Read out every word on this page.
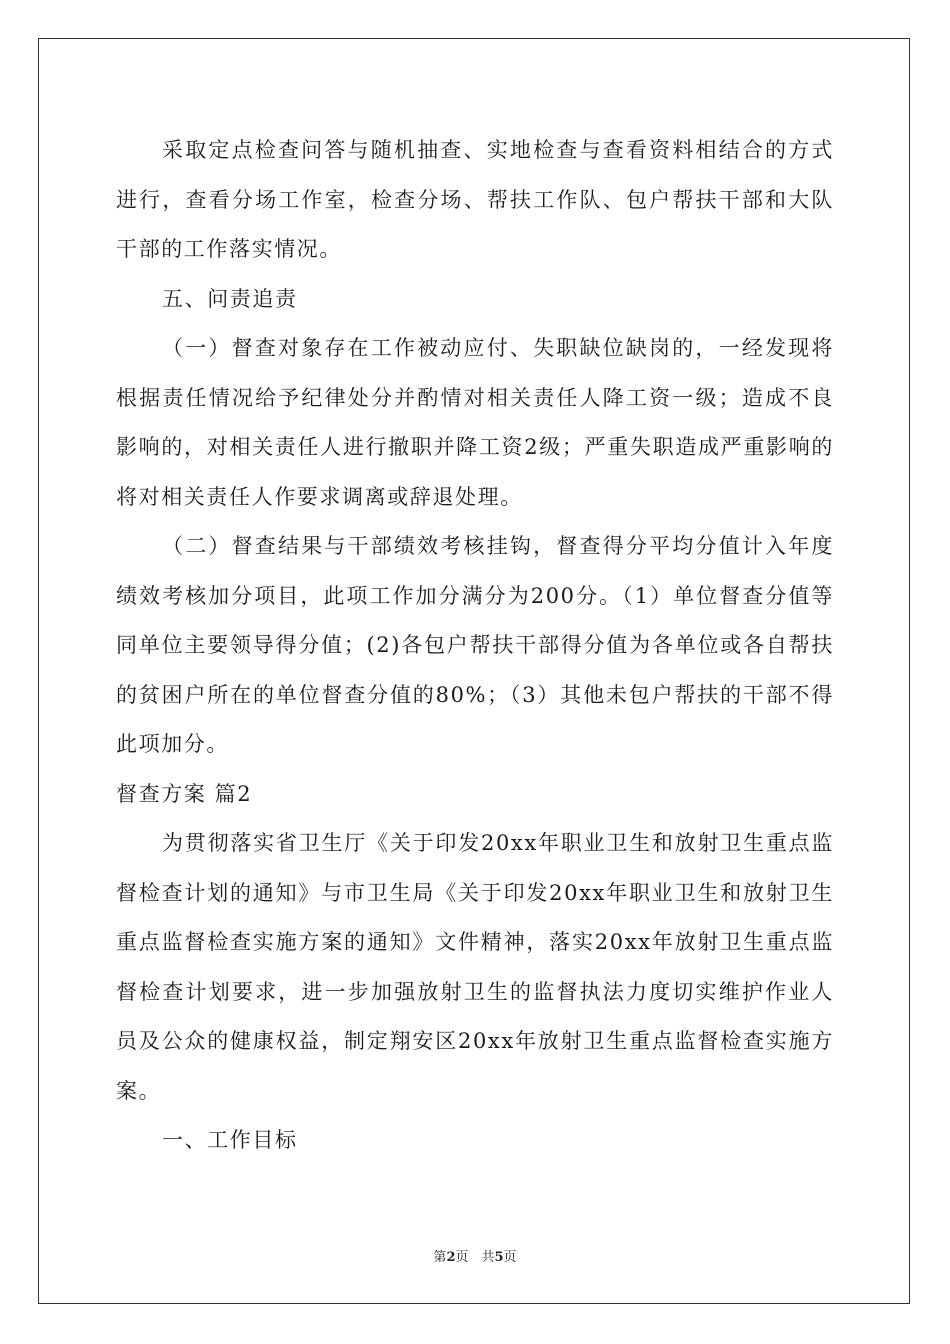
采取定点检查问答与随机抽查、实地检查与查看资料相结合的方式进行，查看分场工作室，检查分场、帮扶工作队、包户帮扶干部和大队干部的工作落实情况。

五、问责追责

（一）督查对象存在工作被动应付、失职缺位缺岗的，一经发现将根据责任情况给予纪律处分并酌情对相关责任人降工资一级；造成不良影响的，对相关责任人进行撤职并降工资2级；严重失职造成严重影响的将对相关责任人作要求调离或辞退处理。

（二）督查结果与干部绩效考核挂钩，督查得分平均分值计入年度绩效考核加分项目，此项工作加分满分为200分。（1）单位督查分值等同单位主要领导得分值；(2)各包户帮扶干部得分值为各单位或各自帮扶的贫困户所在的单位督查分值的80%；（3）其他未包户帮扶的干部不得此项加分。

督查方案 篇2

为贯彻落实省卫生厅《关于印发20xx年职业卫生和放射卫生重点监督检查计划的通知》与市卫生局《关于印发20xx年职业卫生和放射卫生重点监督检查实施方案的通知》文件精神，落实20xx年放射卫生重点监督检查计划要求，进一步加强放射卫生的监督执法力度切实维护作业人员及公众的健康权益，制定翔安区20xx年放射卫生重点监督检查实施方案。

一、工作目标

第2页　共5页
